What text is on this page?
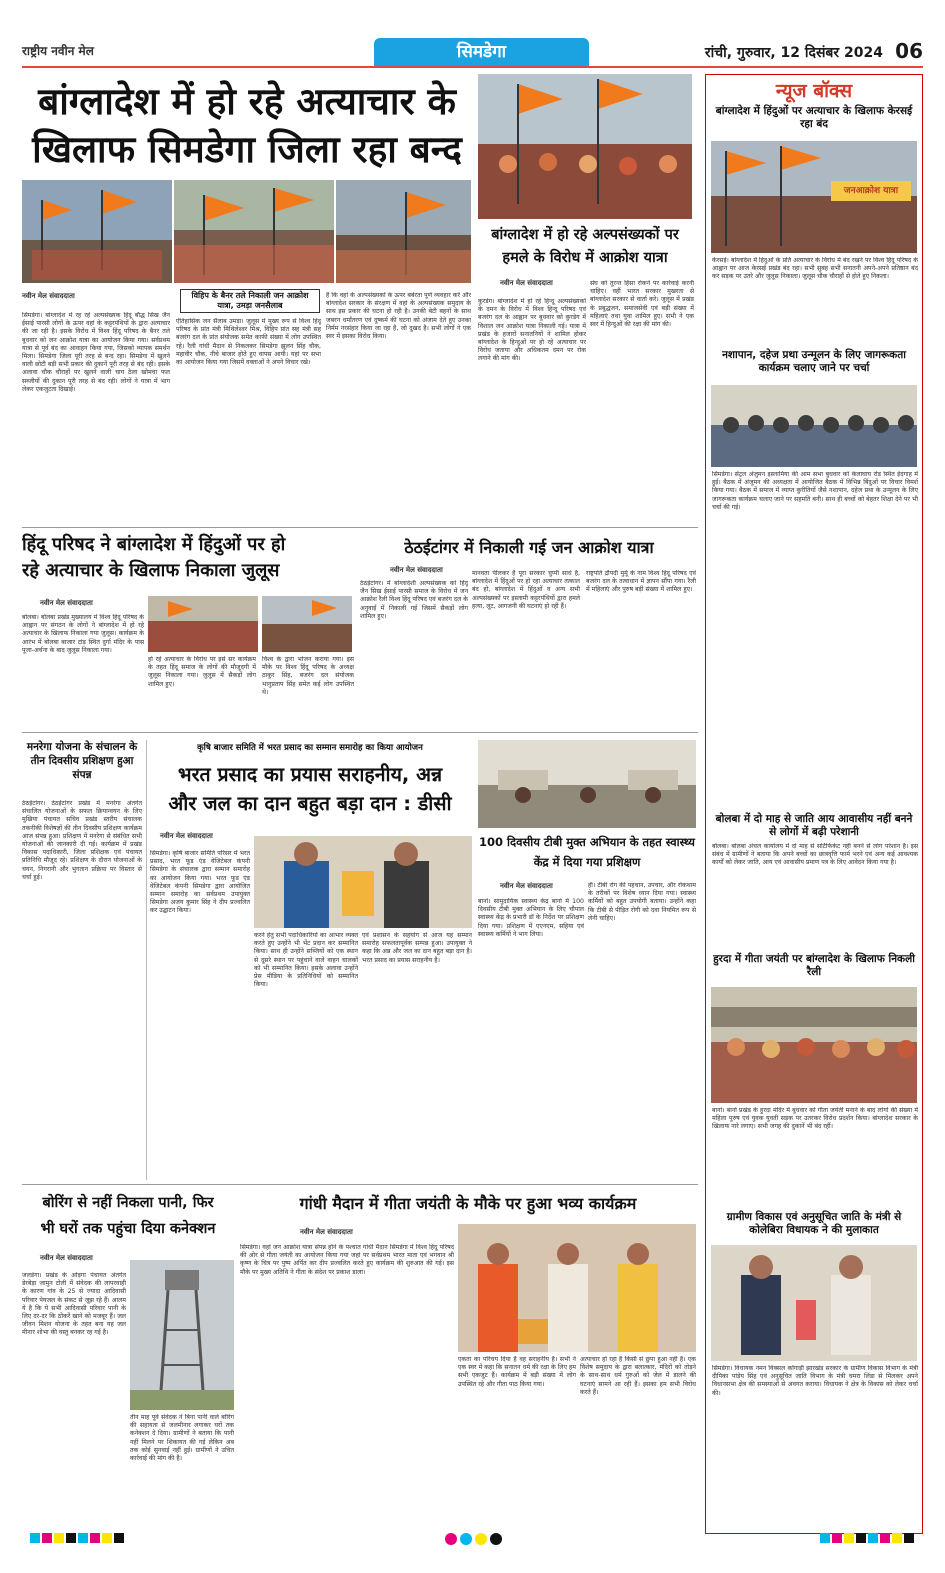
राष्ट्रीय नवीन मेल	सिमडेगा	रांची, गुरुवार, 12 दिसंबर 2024 06
बांग्लादेश में हो रहे अत्याचार के
खिलाफ सिमडेगा जिला रहा बन्द
विहिप के बैनर तले निकाली जन आक्रोश यात्रा, उमड़ा जनसैलाब
नवीन मेल संवाददाता
सिमडेगा। बांग्लादेश में रह रहे अल्पसंख्यक हिंदू बौद्ध सिख जैन ईसाई पारसी लोगों के ऊपर वहां के कट्टरपंथियों के द्वारा अत्याचार की जा रही है। इसके विरोध में विश्व हिंदू परिषद के बैनर तले बुधवार को जन आक्रोश यात्रा का आयोजन किया गया। सर्वप्रथम यात्रा से पूर्व बंद का आवाहन किया गया, जिसको व्यापक समर्थन मिला। सिमडेगा जिला पूरी तरह से बन्द रहा। सिमडेगा में खुलने वाली छोटी बड़ी सभी प्रकार की दुकानें पूरी तरह से बंद रही। इसके अलावा चौक चौराहों पर खुलने वाली चाय ठेला खोमचा फल सब्जीयों की दुकान पूरी तरह से बंद रही। लोगों ने यात्रा में भाग लेकर एकजुटता दिखाई।
ऐतिहासिक जन सैलाब उमड़ा। जुलूस में मुख्य रूप से विश्व हिंदू परिषद के प्रांत मंत्री मिथिलेश्वर मिश्र, विहिप प्रांत सह मंत्री सह बजरंग दल के प्रांत संयोजक समेत काफी संख्या में लोग उपस्थित रहे। रैली गांधी मैदान से निकलकर सिमडेगा झूलन सिंह चौक, महावीर चौक, नीचे बाजार होते हुए वापस आयी। यहां पर सभा का आयोजन किया गया जिसमें वक्ताओं ने अपने विचार रखे।
हैं कि वहां के अल्पसंख्यकों के ऊपर बर्बरता पूर्ण व्यवहार करें और बांग्लादेश सरकार के संरक्षण में वहां के अल्पसंख्यक समुदाय के साथ इस प्रकार की घटना हो रही है। उनकी बेटी बहनों के साथ जबरन धर्मांतरण एवं दुष्कर्म की घटना को अंजाम देते हुए उनका निर्मम नरसंहार किया जा रहा है, जो दुखद है। सभी लोगों ने एक स्वर में इसका विरोध किया।
बांग्लादेश में हो रहे अल्पसंख्यकों पर हमले के विरोध में आक्रोश यात्रा
नवीन मेल संवाददाता
कुरडेग। बांग्लादेश में हो रहे हिन्दू अल्पसंख्यकों के दमन के विरोध में विश्व हिन्दू परिषद एवं बजरंग दल के आह्वान पर बुधवार को कुरडेग में विशाल जन आक्रोश यात्रा निकाली गई। यात्रा में प्रखंड के हजारों सनातनियों ने शामिल होकर बांग्लादेश के हिन्दुओं पर हो रहे अत्याचार पर विरोध जताया और अधिकतम दमन पर रोक लगाने की मांग की।
संघ को तुरन्त हिंसा रोकने पर कार्रवाई करनी चाहिए। वहीं भारत सरकार मुखरता से बांग्लादेश सरकार से वार्ता करे। जुलूस में प्रखंड के प्रबुद्धजन, समाजसेवी एवं बड़ी संख्या में महिलाएं तथा युवा शामिल हुए। सभी ने एक स्वर में हिन्दुओं की रक्षा की मांग की।
न्यूज बॉक्स
बांग्लादेश में हिंदुओं पर अत्याचार के खिलाफ केरसई रहा बंद
जनआक्रोश यात्रा
केरसई। बांग्लादेश में हिंदुओं के प्रति अत्याचार के विरोध में बंद रखने पर विश्व हिंदू परिषद के आह्वान पर आज केरसई प्रखंड बंद रहा। सभी सुबह सभी सनातनी अपने-अपने प्रतिष्ठान बंद कर सड़क पर उतरे और जुलूस निकाला। जुलूस चौक चौराहों से होते हुए निकला।
नशापान, दहेज प्रथा उन्मूलन के लिए जागरूकता कार्यक्रम चलाए जाने पर चर्चा
सिमडेगा। सेंट्रल अंजुमन इस्लामिया की आम सभा बुधवार को केलाघाघ रोड स्थित ईदगाह में हुई। बैठक में अंजुमन की अध्यक्षता में आयोजित बैठक में विभिन्न बिंदुओं पर विचार विमर्श किया गया। बैठक में समाज में व्याप्त कुरीतियों जैसे नशापान, दहेज प्रथा के उन्मूलन के लिए जागरूकता कार्यक्रम चलाए जाने पर सहमति बनी। साथ ही बच्चों को बेहतर शिक्षा देने पर भी चर्चा की गई।
बोलबा में दो माह से जाति आय आवासीय नहीं बनने से लोगों में बढ़ी परेशानी
बोलबा। बोलबा अंचल कार्यालय में दो माह से सर्टिफिकेट नहीं बनने से लोग परेशान हैं। इस संबंध में ग्रामीणों ने बताया कि अपने बच्चों का छात्रवृत्ति फार्म भरने एवं अन्य कई आवश्यक कार्यों को लेकर जाति, आय एवं आवासीय प्रमाण पत्र के लिए आवेदन किया गया है।
हुरदा में गीता जयंती पर बांग्लादेश के खिलाफ निकली रैली
बानो। बानो प्रखंड के हुरदा मंदिर में बुधवार को गीता जयंती मनाने के बाद लोगों की संख्या में महिला पुरुष एवं युवक युवती सड़क पर उतरकर विरोध प्रदर्शन किया। बांग्लादेश सरकार के खिलाफ नारे लगाए। सभी जगह की दुकानें भी बंद रहीं।
ग्रामीण विकास एवं अनुसूचित जाति के मंत्री से कोलेबिरा विधायक ने की मुलाकात
सिमडेगा। विधायक नमन विक्सल कोंगाड़ी झारखंड सरकार के ग्रामीण विकास विभाग के मंत्री दीपिका पांडेय सिंह एवं अनुसूचित जाति विभाग के मंत्री चमरा लिंडा से मिलकर अपने विधानसभा क्षेत्र की समस्याओं से अवगत कराया। विधायक ने क्षेत्र के विकास को लेकर चर्चा की।
हिंदू परिषद ने बांग्लादेश में हिंदुओं पर हो
रहे अत्याचार के खिलाफ निकाला जुलूस
नवीन मेल संवाददाता
बोलबा। बोलबा प्रखंड मुख्यालय में विश्व हिंदू परिषद के आह्वान पर संगठन के लोगों ने बांग्लादेश में हो रहे अत्याचार के खिलाफ निकाला गया जुलूस। कार्यक्रम के आरंभ में बोलबा बाजार टांड़ स्थित दुर्गा मंदिर के पास पूजा-अर्चना के बाद जुलूस निकाला गया।
हो रहे अत्याचार के विरोध पर इसे सर कार्यक्रम के तहत हिंदू समाज के लोगों की मौजूदगी में जुलूस निकाला गया। जुलूस में सैकड़ों लोग शामिल हुए।
विश्व के द्वारा भोजन कराया गया। इस मौके पर विश्व हिंदू परिषद के अध्यक्ष ठाकुर सिंह, बजरंग दल संयोजक भानुप्रताप सिंह समेत कई लोग उपस्थित थे।
ठेठईटांगर में निकाली गई जन आक्रोश यात्रा
नवीन मेल संवाददाता
ठेठईटांगर। में बांग्लादेशी अल्पसंख्यक को हिंदू जैन सिख ईसाई पारसी समाज के विरोध में जन आक्रोश रैली विश्व हिंदू परिषद एवं बजरंग दल के अनुवाई में निकाली गई जिसमें सैकड़ों लोग शामिल हुए।
मानवता पीलकर है पूरा सरकार चुप्पी साधे है, बांग्लादेश में हिंदुओं पर हो रहा अत्याचार तत्काल बंद हो, बांग्लादेश में हिंदुओं व अन्य सभी अल्पसंख्यकों पर इस्लामी कट्टरपंथियों द्वारा हमले हत्या, लूट, आगजनी की घटनाएं हो रही हैं।
राष्ट्रपति द्रौपदी मुर्मू के नाम विश्व हिंदू परिषद एवं बजरंग दल के तत्वाधान में ज्ञापन सौंपा गया। रैली में महिलाएं और पुरुष बड़ी संख्या में शामिल हुए।
मनरेगा योजना के संचालन के तीन दिवसीय प्रशिक्षण हुआ संपन्न
ठेठईटांगर। ठेठईटांगर प्रखंड में मनरेगा अंतर्गत संचालित योजनाओं के सफल क्रियान्वयन के लिए मुखिया पंचायत सचिव प्रखंड स्तरीय संचालक तकनीकी विशेषज्ञों की तीन दिवसीय प्रशिक्षण कार्यक्रम आज संपन्न हुआ। प्रशिक्षण में मनरेगा से संबंधित सभी योजनाओं की जानकारी दी गई। कार्यक्रम में प्रखंड विकास पदाधिकारी, जिला प्रशिक्षक एवं पंचायत प्रतिनिधि मौजूद रहे। प्रशिक्षण के दौरान योजनाओं के चयन, निगरानी और भुगतान प्रक्रिया पर विस्तार से चर्चा हुई।
कृषि बाजार समिति में भरत प्रसाद का सम्मान समारोह का किया आयोजन
भरत प्रसाद का प्रयास सराहनीय, अन्न
और जल का दान बहुत बड़ा दान : डीसी
नवीन मेल संवाददाता
सिमडेगा। कृषि बाजार समिति परिसर में भरत प्रसाद, भरत फूड एंड वेजिटेबल कंपनी सिमडेगा के संचालक द्वारा सम्मान समारोह का आयोजन किया गया। भरत फूड एंड वेजिटेबल कंपनी सिमडेगा द्वारा आयोजित सम्मान समारोह का सर्वप्रथम उपायुक्त सिमडेगा अजय कुमार सिंह ने दीप प्रज्वलित कर उद्घाटन किया।
करने हेतु सभी पदाधिकारियों का आभार व्यक्त करते हुए उन्होंने भी भेंट प्रदान कर सम्मानित किया। साथ ही उन्होंने सब्जियों को एक स्थान से दूसरे स्थान पर पहुंचाने वाले वाहन चालकों को भी सम्मानित किया। इसके अलावा उन्होंने प्रेस मीडिया के प्रतिनिधियों को सम्मानित किया।
एवं प्रशासन के सहयोग से आज यह सम्मान समारोह सफलतापूर्वक सम्पन्न हुआ। उपायुक्त ने कहा कि अन्न और जल का दान बहुत बड़ा दान है। भरत प्रसाद का प्रयास सराहनीय है।
100 दिवसीय टीबी मुक्त अभियान के तहत स्वास्थ्य केंद्र में दिया गया प्रशिक्षण
नवीन मेल संवाददाता
बानो। सामुदायिक स्वास्थ्य केंद्र बानो में 100 दिवसीय टीबी मुक्त अभियान के लिए चौपाल स्वास्थ्य केंद्र के प्रभारी डॉ के निर्देश पर प्रशिक्षण दिया गया। प्रशिक्षण में एएनएम, सहिया एवं स्वास्थ्य कर्मियों ने भाग लिया।
ही। टीबी रोग की पहचान, उपचार, और रोकथाम के तरीकों पर विशेष ध्यान दिया गया। स्वास्थ्य कर्मियों को बहुत उपयोगी बताया। उन्होंने कहा कि टीबी से पीड़ित रोगी को दवा नियमित रूप से लेनी चाहिए।
बोरिंग से नहीं निकला पानी, फिर
भी घरों तक पहुंचा दिया कनेक्शन
नवीन मेल संवाददाता
जलडेगा। प्रखंड के ओड़गा पंचायत अंतर्गत डेरबेड़ा जामुन टोली में संवेदक की लापरवाही के कारण गांव के 25 से ज्यादा आदिवासी परिवार पेयजल के संकट से जूझ रहे हैं। आलम ये है कि ये सभी आदिवासी परिवार पानी के लिए दर-दर कि ठोकरें खाने को मजबूर हैं। जल जीवन मिशन योजना के तहत बना यह जल मीनार शोभा की वस्तु बनकर रह गई है।
तीन माह पूर्व संवेदक ने बिना पानी वाले बोरिंग की सहायता से जलमीनार लगाकर घरों तक कनेक्शन दे दिया। ग्रामीणों ने बताया कि पानी नहीं मिलने पर शिकायत की गई लेकिन अब तक कोई सुनवाई नहीं हुई। ग्रामीणों ने उचित कार्रवाई की मांग की है।
गांधी मैदान में गीता जयंती के मौके पर हुआ भव्य कार्यक्रम
नवीन मेल संवाददाता
सिमडेगा। वहां जन आक्रोश यात्रा संपन्न होने के पश्चात गांधी मैदान सिमडेगा में विश्व हिंदू परिषद की ओर से गीता जयंती का आयोजन किया गया जहां पर सर्वप्रथम भारत माता एवं भगवान श्री कृष्ण के चित्र पर पुष्प अर्पित कर दीप प्रज्वलित करते हुए कार्यक्रम की शुरुआत की गई। इस मौके पर मुख्य अतिथि ने गीता के संदेश पर प्रकाश डाला।
एकता का परिचय दिया है वह सराहनीय है। सभी ने एक स्वर में कहा कि सनातन धर्म की रक्षा के लिए हम सभी एकजुट हैं। कार्यक्रम में बड़ी संख्या में लोग उपस्थित रहे और गीता पाठ किया गया।
अत्याचार हो रहा है किसी से छुपा हुआ नहीं है। एक विशेष समुदाय के द्वारा बलात्कार, मंदिरों को तोड़ने के साथ-साथ धर्म गुरुओं को जेल में डालने की घटनाएं सामने आ रही हैं। इसका हम सभी विरोध करते हैं।
